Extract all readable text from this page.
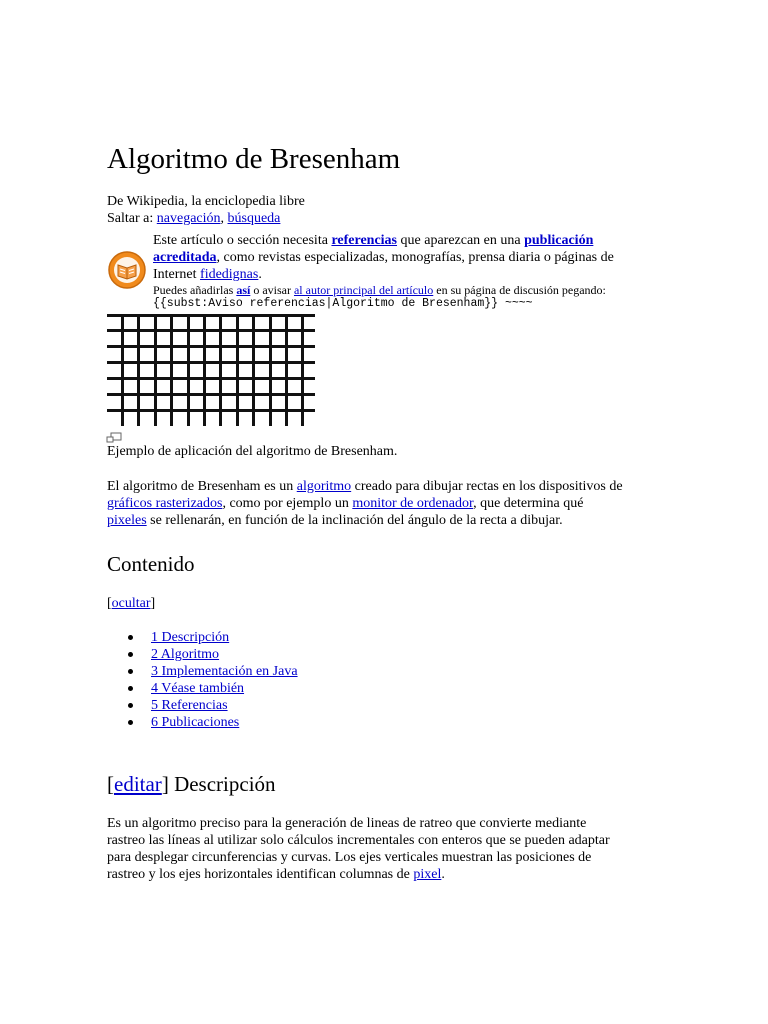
Algoritmo de Bresenham
De Wikipedia, la enciclopedia libre
Saltar a: navegación, búsqueda
Este artículo o sección necesita referencias que aparezcan en una publicación
acreditada, como revistas especializadas, monografías, prensa diaria o páginas de
Internet fidedignas.
Puedes añadirlas así o avisar al autor principal del artículo en su página de discusión pegando:
{{subst:Aviso referencias|Algoritmo de Bresenham}} ~~~~
Ejemplo de aplicación del algoritmo de Bresenham.
El algoritmo de Bresenham es un algoritmo creado para dibujar rectas en los dispositivos de
gráficos rasterizados, como por ejemplo un monitor de ordenador, que determina qué
pixeles se rellenarán, en función de la inclinación del ángulo de la recta a dibujar.
Contenido
[ocultar]
1 Descripción
2 Algoritmo
3 Implementación en Java
4 Véase también
5 Referencias
6 Publicaciones
[editar] Descripción
Es un algoritmo preciso para la generación de lineas de ratreo que convierte mediante
rastreo las líneas al utilizar solo cálculos incrementales con enteros que se pueden adaptar
para desplegar circunferencias y curvas. Los ejes verticales muestran las posiciones de
rastreo y los ejes horizontales identifican columnas de pixel.
